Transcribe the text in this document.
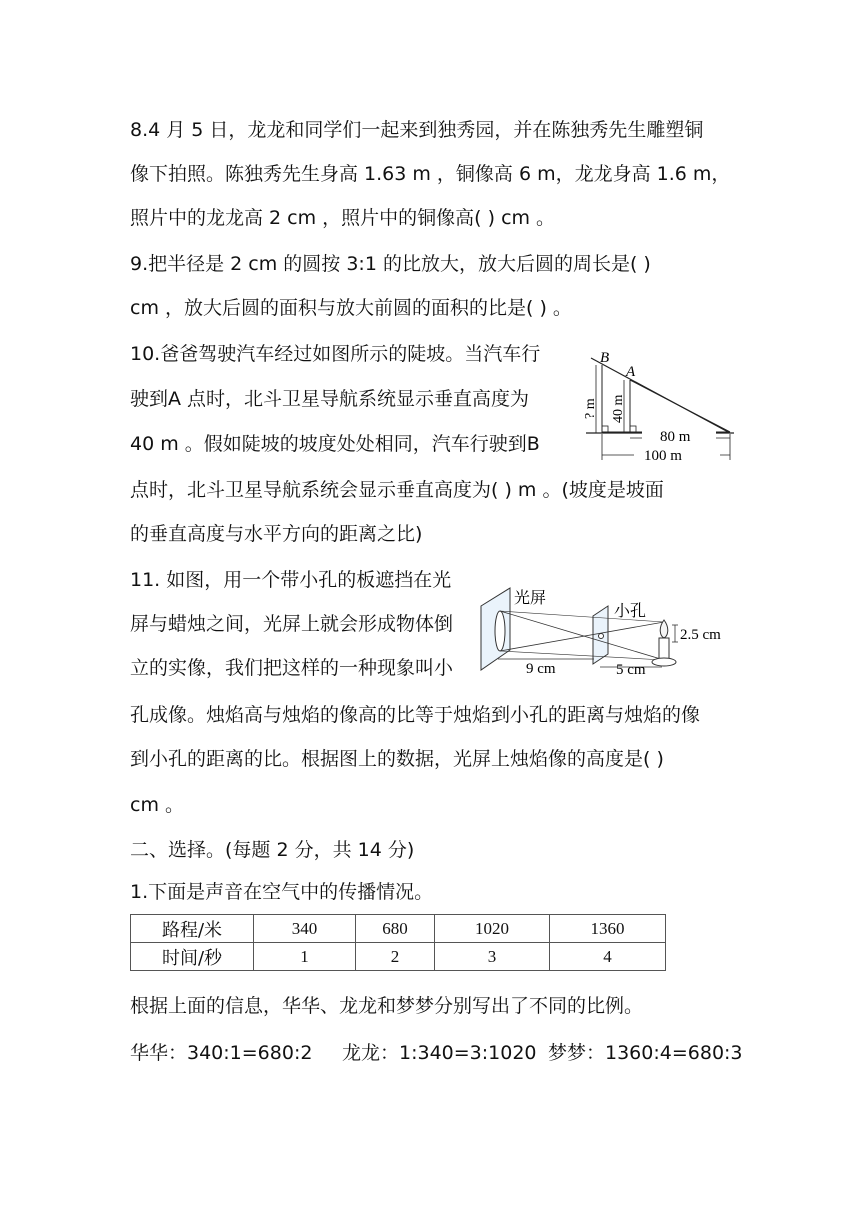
8.4 月 5 日，龙龙和同学们一起来到独秀园，并在陈独秀先生雕塑铜
像下拍照。陈独秀先生身高 1.63 m ，铜像高 6 m，龙龙身高 1.6 m，
照片中的龙龙高 2 cm ，照片中的铜像高( ) cm 。
9.把半径是 2 cm 的圆按 3:1 的比放大，放大后圆的周长是( )
cm ，放大后圆的面积与放大前圆的面积的比是( ) 。
10.爸爸驾驶汽车经过如图所示的陡坡。当汽车行
驶到A 点时，北斗卫星导航系统显示垂直高度为
40 m 。假如陡坡的坡度处处相同，汽车行驶到B
点时，北斗卫星导航系统会显示垂直高度为( ) m 。(坡度是坡面
的垂直高度与水平方向的距离之比)
B
A
? m 40 m
80 m
100 m
11. 如图，用一个带小孔的板遮挡在光
屏与蜡烛之间，光屏上就会形成物体倒
立的实像，我们把这样的一种现象叫小
孔成像。烛焰高与烛焰的像高的比等于烛焰到小孔的距离与烛焰的像
到小孔的距离的比。根据图上的数据，光屏上烛焰像的高度是( )
cm 。
光屏
小孔
2.5 cm
9 cm	5 cm
二、选择。(每题 2 分，共 14 分)
1.下面是声音在空气中的传播情况。
路程/米	340	680	1020	1360
时间/秒	1	2	3	4
根据上面的信息，华华、龙龙和梦梦分别写出了不同的比例。
华华：340:1=680:2 龙龙：1:340=3:1020 梦梦：1360:4=680:3
